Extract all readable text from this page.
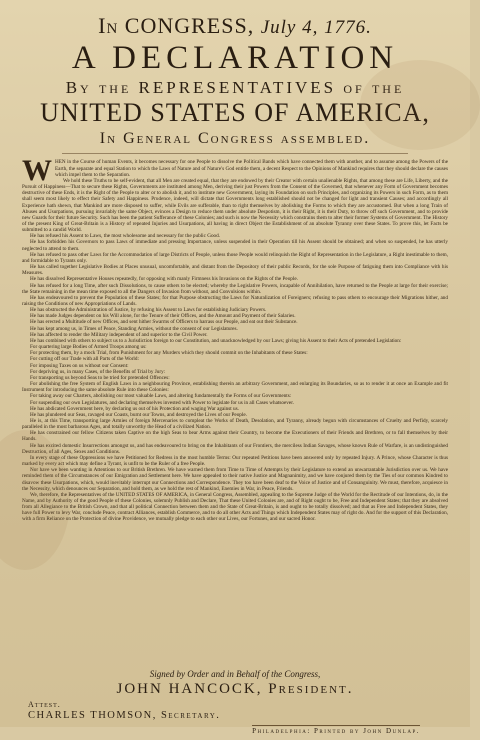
In CONGRESS, July 4, 1776.
A DECLARATION
By the REPRESENTATIVES of the
UNITED STATES OF AMERICA,
In General Congress assembled.
W HEN in the Course of human Events, it becomes necessary for one People to dissolve the Political Bands which have connected them with another, and to assume among the Powers of the Earth, the separate and equal Station to which the Laws of Nature and of Nature's God entitle them, a decent Respect to the Opinions of Mankind requires that they should declare the causes which impel them to the Separation.

We hold these Truths to be self-evident, that all Men are created equal, that they are endowed by their Creator with certain unalienable Rights, that among these are Life, Liberty, and the Pursuit of Happiness—That to secure these Rights, Governments are instituted among Men, deriving their just Powers from the Consent of the Governed, that whenever any Form of Government becomes destructive of these Ends, it is the Right of the People to alter or to abolish it, and to institute new Government, laying its Foundation on such Principles, and organizing its Powers in such Form, as to them shall seem most likely to effect their Safety and Happiness. Prudence, indeed, will dictate that Governments long established should not be changed for light and transient Causes; and accordingly all Experience hath shewn, that Mankind are more disposed to suffer, while Evils are sufferable, than to right themselves by abolishing the Forms to which they are accustomed. But when a long Train of Abuses and Usurpations, pursuing invariably the same Object, evinces a Design to reduce them under absolute Despotism, it is their Right, it is their Duty, to throw off such Government, and to provide new Guards for their future Security. Such has been the patient Sufferance of these Colonies; and such is now the Necessity which constrains them to alter their former Systems of Government. The History of the present King of Great-Britain is a History of repeated Injuries and Usurpations, all having in direct Object the Establishment of an absolute Tyranny over these States. To prove this, let Facts be submitted to a candid World.

He has refused his Assent to Laws, the most wholesome and necessary for the public Good.

He has forbidden his Governors to pass Laws of immediate and pressing Importance, unless suspended in their Operation till his Assent should be obtained; and when so suspended, he has utterly neglected to attend to them.

He has refused to pass other Laws for the Accommodation of large Districts of People, unless those People would relinquish the Right of Representation in the Legislature, a Right inestimable to them, and formidable to Tyrants only.

He has called together Legislative Bodies at Places unusual, uncomfortable, and distant from the Depository of their public Records, for the sole Purpose of fatiguing them into Compliance with his Measures.

He has dissolved Representative Houses repeatedly, for opposing with manly Firmness his Invasions on the Rights of the People.

He has refused for a long Time, after such Dissolutions, to cause others to be elected; whereby the Legislative Powers, incapable of Annihilation, have returned to the People at large for their exercise; the State remaining in the mean time exposed to all the Dangers of Invasion from without, and Convulsions within.

He has endeavoured to prevent the Population of these States; for that Purpose obstructing the Laws for Naturalization of Foreigners; refusing to pass others to encourage their Migrations hither, and raising the Conditions of new Appropriations of Lands.

He has obstructed the Administration of Justice, by refusing his Assent to Laws for establishing Judiciary Powers.

He has made Judges dependent on his Will alone, for the Tenure of their Offices, and the Amount and Payment of their Salaries.

He has erected a Multitude of new Offices, and sent hither Swarms of Officers to harrass our People, and eat out their Substance.

He has kept among us, in Times of Peace, Standing Armies, without the consent of our Legislatures.

He has affected to render the Military independent of and superior to the Civil Power.

He has combined with others to subject us to a Jurisdiction foreign to our Constitution, and unacknowledged by our Laws; giving his Assent to their Acts of pretended Legislation:

For quartering large Bodies of Armed Troops among us:

For protecting them, by a mock Trial, from Punishment for any Murders which they should commit on the Inhabitants of these States:

For cutting off our Trade with all Parts of the World:

For imposing Taxes on us without our Consent:

For depriving us, in many Cases, of the Benefits of Trial by Jury:

For transporting us beyond Seas to be tried for pretended Offences:

For abolishing the free System of English Laws in a neighbouring Province, establishing therein an arbitrary Government, and enlarging its Boundaries, so as to render it at once an Example and fit Instrument for introducing the same absolute Rule into these Colonies:

For taking away our Charters, abolishing our most valuable Laws, and altering fundamentally the Forms of our Governments:

For suspending our own Legislatures, and declaring themselves invested with Power to legislate for us in all Cases whatsoever.

He has abdicated Government here, by declaring us out of his Protection and waging War against us.

He has plundered our Seas, ravaged our Coasts, burnt our Towns, and destroyed the Lives of our People.

He is, at this Time, transporting large Armies of foreign Mercenaries to compleat the Works of Death, Desolation, and Tyranny, already begun with circumstances of Cruelty and Perfidy, scarcely paralleled in the most barbarous Ages, and totally unworthy the Head of a civilized Nation.

He has constrained our fellow Citizens taken Captive on the high Seas to bear Arms against their Country, to become the Executioners of their Friends and Brethren, or to fall themselves by their Hands.

He has excited domestic Insurrections amongst us, and has endeavoured to bring on the Inhabitants of our Frontiers, the merciless Indian Savages, whose known Rule of Warfare, is an undistinguished Destruction, of all Ages, Sexes and Conditions.

In every stage of these Oppressions we have Petitioned for Redress in the most humble Terms: Our repeated Petitions have been answered only by repeated Injury. A Prince, whose Character is thus marked by every act which may define a Tyrant, is unfit to be the Ruler of a free People.

Nor have we been wanting in Attentions to our British Brethren. We have warned them from Time to Time of Attempts by their Legislature to extend an unwarrantable Jurisdiction over us. We have reminded them of the Circumstances of our Emigration and Settlement here. We have appealed to their native Justice and Magnanimity, and we have conjured them by the Ties of our common Kindred to disavow these Usurpations, which, would inevitably interrupt our Connections and Correspondence. They too have been deaf to the Voice of Justice and of Consanguinity. We must, therefore, acquiesce in the Necessity, which denounces our Separation, and hold them, as we hold the rest of Mankind, Enemies in War, in Peace, Friends.

We, therefore, the Representatives of the UNITED STATES OF AMERICA, in General Congress, Assembled, appealing to the Supreme Judge of the World for the Rectitude of our Intentions, do, in the Name, and by Authority of the good People of these Colonies, solemnly Publish and Declare, That these United Colonies are, and of Right ought to be, Free and Independent States; that they are absolved from all Allegiance to the British Crown, and that all political Connection between them and the State of Great-Britain, is and ought to be totally dissolved; and that as Free and Independent States, they have full Power to levy War, conclude Peace, contract Alliances, establish Commerce, and to do all other Acts and Things which Independent States may of right do. And for the support of this Declaration, with a firm Reliance on the Protection of divine Providence, we mutually pledge to each other our Lives, our Fortunes, and our sacred Honor.

Signed by Order and in Behalf of the Congress,
JOHN HANCOCK, President.
Attest.
CHARLES THOMSON, Secretary.
Philadelphia: Printed by John Dunlap.
